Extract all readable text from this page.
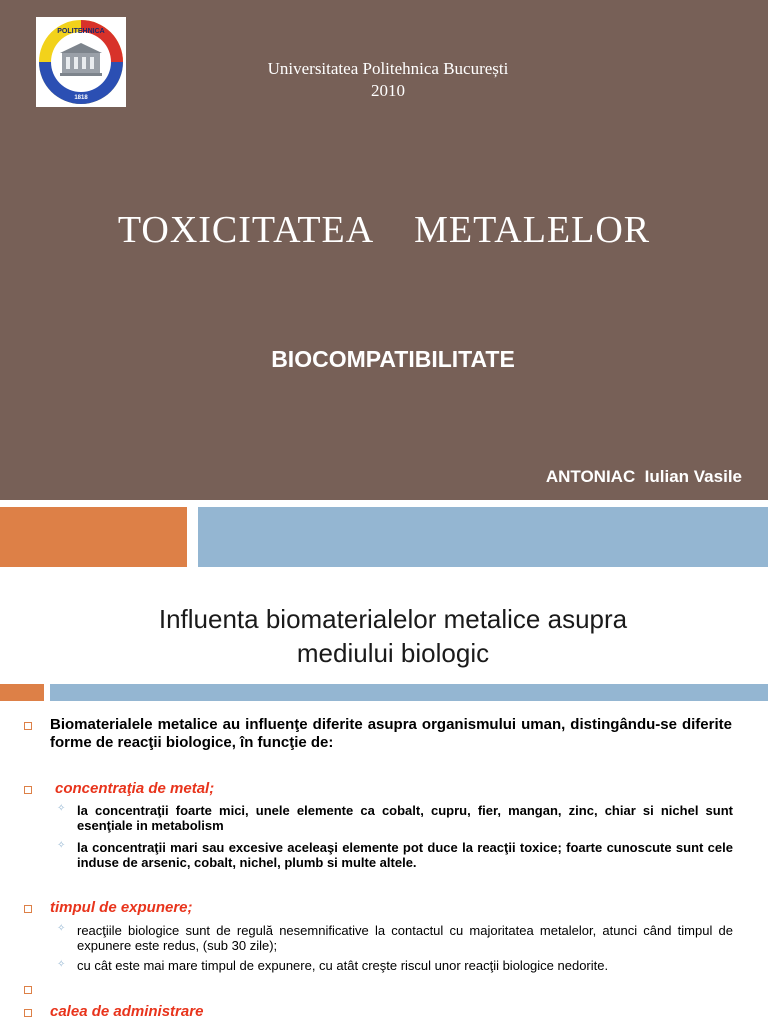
POLITEHNICA
1818
Universitatea Politehnica București
2010
TOXICITATEA    METALELOR
BIOCOMPATIBILITATE
ANTONIAC  Iulian Vasile
Influenta biomaterialelor metalice asupra
mediului biologic
Biomaterialele metalice au influenţe diferite asupra organismului uman, distingându-se diferite forme de reacţii biologice, în funcţie de:
concentraţia de metal;
✧ la concentraţii foarte mici, unele elemente ca cobalt, cupru, fier, mangan, zinc, chiar si nichel sunt esenţiale in metabolism
✧ la concentraţii mari sau excesive aceleaşi elemente pot duce la reacţii toxice; foarte cunoscute sunt cele induse de arsenic, cobalt, nichel, plumb si multe altele.
timpul de expunere;
✧ reacţiile biologice sunt de regulă nesemnificative la contactul cu majoritatea metalelor, atunci când timpul de expunere este redus, (sub 30 zile);
✧ cu cât este mai mare timpul de expunere, cu atât creşte riscul unor reacţii biologice nedorite.
calea de administrare
